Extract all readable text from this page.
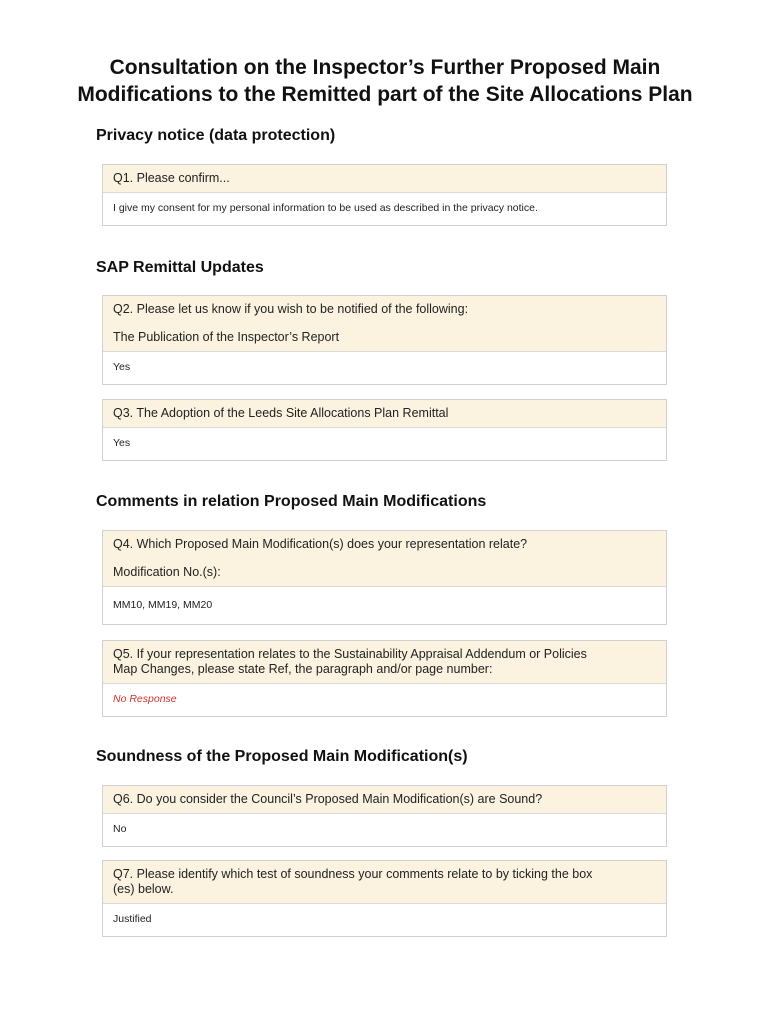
Consultation on the Inspector’s Further Proposed Main
Modifications to the Remitted part of the Site Allocations Plan
Privacy notice (data protection)
Q1. Please confirm...
I give my consent for my personal information to be used as described in the privacy notice.
SAP Remittal Updates
Q2. Please let us know if you wish to be notified of the following:
The Publication of the Inspector’s Report
Yes
Q3. The Adoption of the Leeds Site Allocations Plan Remittal
Yes
Comments in relation Proposed Main Modifications
Q4. Which Proposed Main Modification(s) does your representation relate?
Modification No.(s):
MM10, MM19, MM20
Q5. If your representation relates to the Sustainability Appraisal Addendum or Policies
Map Changes, please state Ref, the paragraph and/or page number:
No Response
Soundness of the Proposed Main Modification(s)
Q6. Do you consider the Council’s Proposed Main Modification(s) are Sound?
No
Q7. Please identify which test of soundness your comments relate to by ticking the box
(es) below.
Justified
